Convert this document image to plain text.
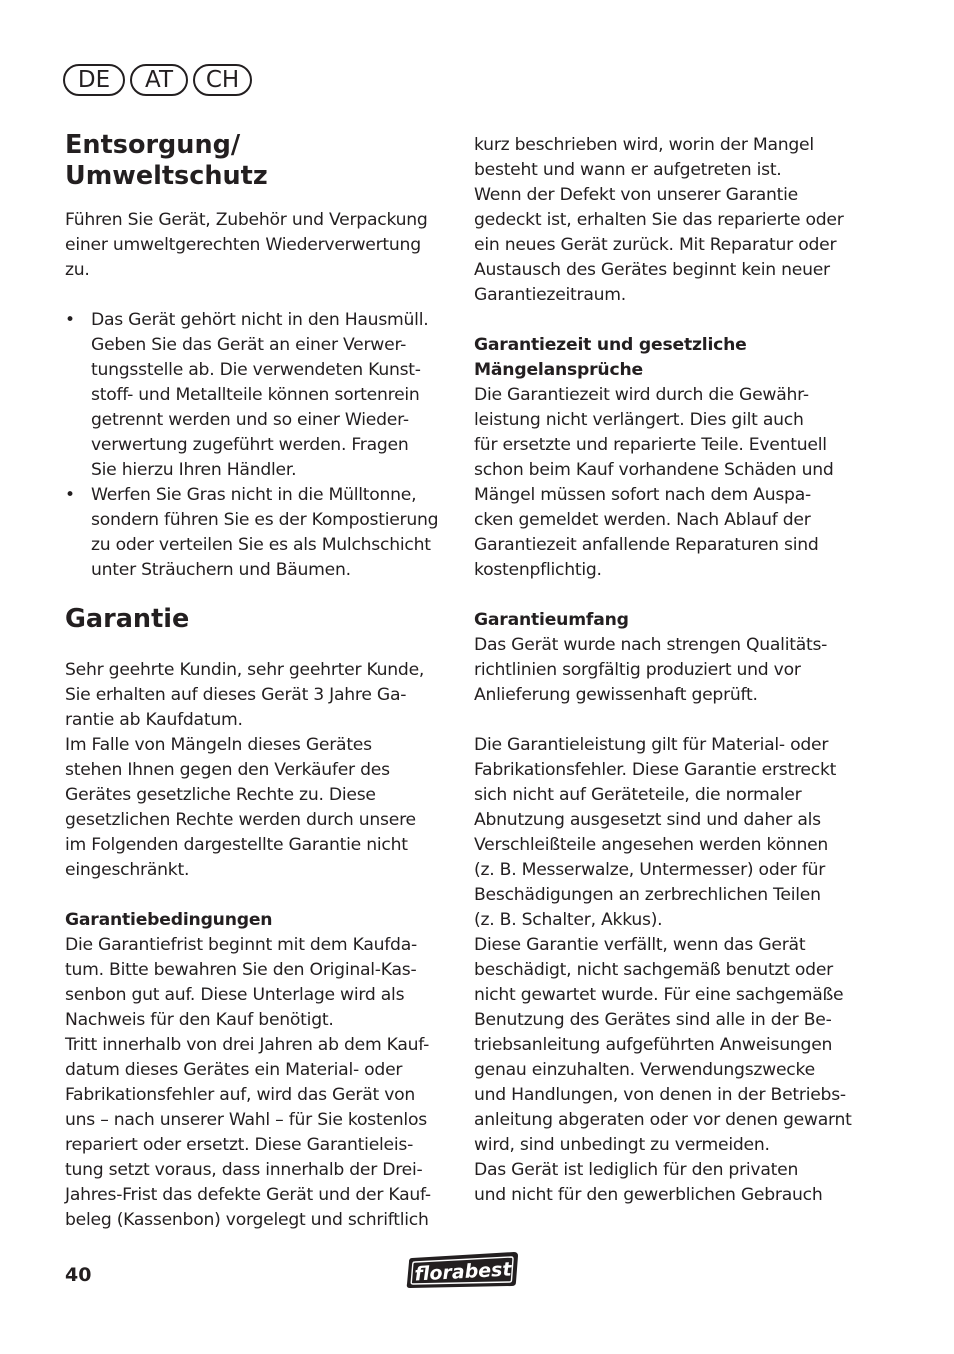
DE	AT	CH
Entsorgung/
Umweltschutz

Führen Sie Gerät, Zubehör und Verpackung
einer umweltgerechten Wiederverwertung
zu.

• Das Gerät gehört nicht in den Hausmüll.
Geben Sie das Gerät an einer Verwer-
tungsstelle ab. Die verwendeten Kunst-
stoff- und Metallteile können sortenrein
getrennt werden und so einer Wieder-
verwertung zugeführt werden. Fragen
Sie hierzu Ihren Händler.
• Werfen Sie Gras nicht in die Mülltonne,
sondern führen Sie es der Kompostierung
zu oder verteilen Sie es als Mulchschicht
unter Sträuchern und Bäumen.
Garantie

Sehr geehrte Kundin, sehr geehrter Kunde,
Sie erhalten auf dieses Gerät 3 Jahre Ga-
rantie ab Kaufdatum.
Im Falle von Mängeln dieses Gerätes
stehen Ihnen gegen den Verkäufer des
Gerätes gesetzliche Rechte zu. Diese
gesetzlichen Rechte werden durch unsere
im Folgenden dargestellte Garantie nicht
eingeschränkt.

Garantiebedingungen

Die Garantiefrist beginnt mit dem Kaufda-
tum. Bitte bewahren Sie den Original-Kas-
senbon gut auf. Diese Unterlage wird als
Nachweis für den Kauf benötigt.
Tritt innerhalb von drei Jahren ab dem Kauf-
datum dieses Gerätes ein Material- oder
Fabrikationsfehler auf, wird das Gerät von
uns – nach unserer Wahl – für Sie kostenlos
repariert oder ersetzt. Diese Garantieleis-
tung setzt voraus, dass innerhalb der Drei-
Jahres-Frist das defekte Gerät und der Kauf-
beleg (Kassenbon) vorgelegt und schriftlich

kurz beschrieben wird, worin der Mangel
besteht und wann er aufgetreten ist.
Wenn der Defekt von unserer Garantie
gedeckt ist, erhalten Sie das reparierte oder
ein neues Gerät zurück. Mit Reparatur oder
Austausch des Gerätes beginnt kein neuer
Garantiezeitraum.

Garantiezeit und gesetzliche
Mängelansprüche

Die Garantiezeit wird durch die Gewähr-
leistung nicht verlängert. Dies gilt auch
für ersetzte und reparierte Teile. Eventuell
schon beim Kauf vorhandene Schäden und
Mängel müssen sofort nach dem Auspa-
cken gemeldet werden. Nach Ablauf der
Garantiezeit anfallende Reparaturen sind
kostenpflichtig.

Garantieumfang

Das Gerät wurde nach strengen Qualitäts-
richtlinien sorgfältig produziert und vor
Anlieferung gewissenhaft geprüft.

Die Garantieleistung gilt für Material- oder
Fabrikationsfehler. Diese Garantie erstreckt
sich nicht auf Geräteteile, die normaler
Abnutzung ausgesetzt sind und daher als
Verschleißteile angesehen werden können
(z. B. Messerwalze, Untermesser) oder für
Beschädigungen an zerbrechlichen Teilen
(z. B. Schalter, Akkus).
Diese Garantie verfällt, wenn das Gerät
beschädigt, nicht sachgemäß benutzt oder
nicht gewartet wurde. Für eine sachgemäße
Benutzung des Gerätes sind alle in der Be-
triebsanleitung aufgeführten Anweisungen
genau einzuhalten. Verwendungszwecke
und Handlungen, von denen in der Betriebs-
anleitung abgeraten oder vor denen gewarnt
wird, sind unbedingt zu vermeiden.
Das Gerät ist lediglich für den privaten
und nicht für den gewerblichen Gebrauch

40	florabest
